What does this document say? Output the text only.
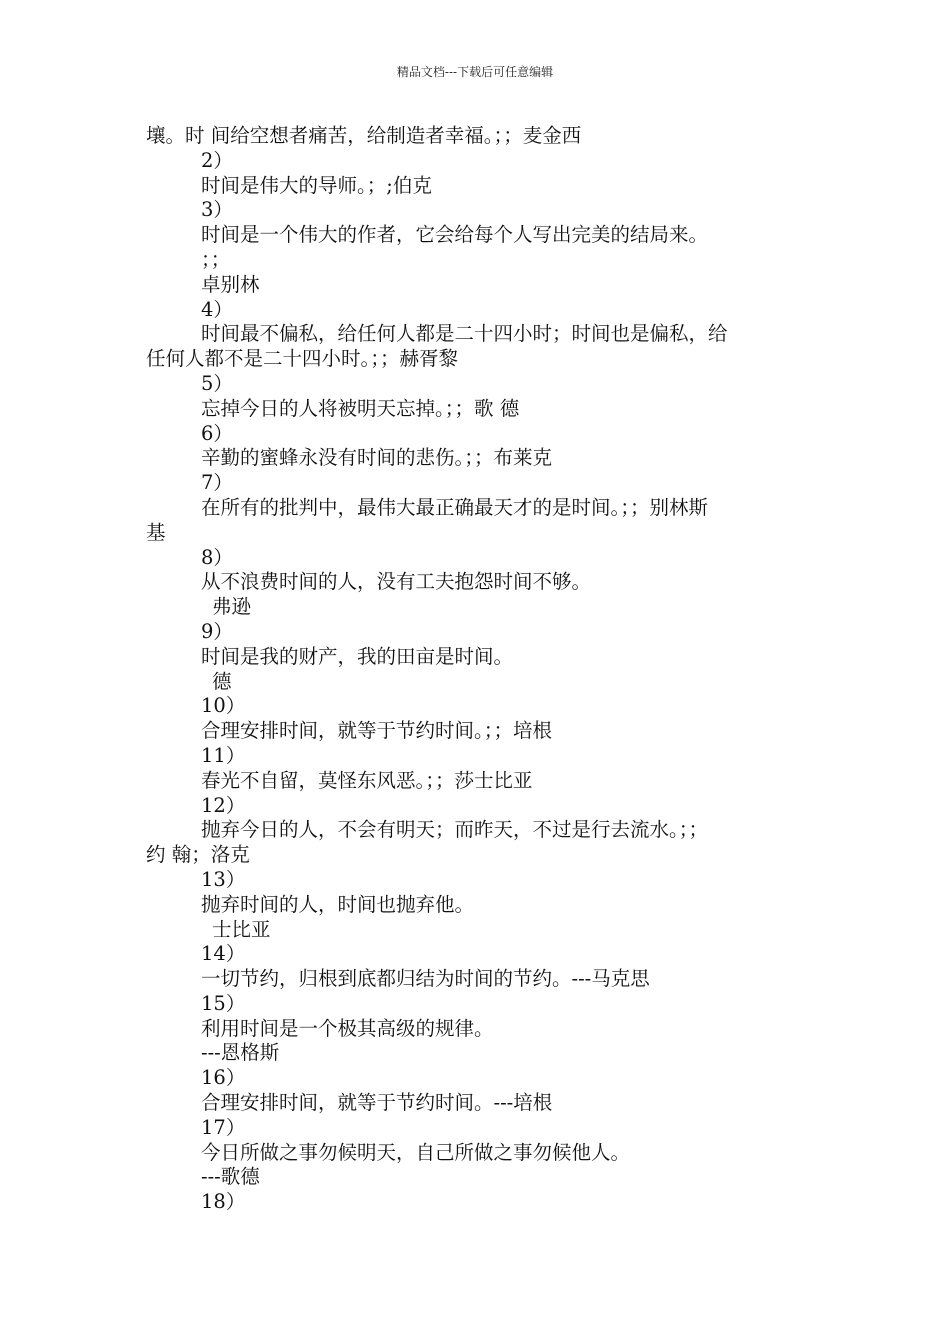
精品文档---下载后可任意编辑
壤。时 间给空想者痛苦，给制造者幸福。；；麦金西
2）
时间是伟大的导师。；;伯克
3）
时间是一个伟大的作者，它会给每个人写出完美的结局来。
；；
卓别林
4）
时间最不偏私，给任何人都是二十四小时；时间也是偏私，给
任何人都不是二十四小时。；；赫胥黎
5）
忘掉今日的人将被明天忘掉。；；歌 德
6）
辛勤的蜜蜂永没有时间的悲伤。；；布莱克
7）
在所有的批判中，最伟大最正确最天才的是时间。；；别林斯
基
8）
从不浪费时间的人，没有工夫抱怨时间不够。
弗逊
9）
时间是我的财产，我的田亩是时间。
德
10）
合理安排时间，就等于节约时间。；；培根
11）
春光不自留，莫怪东风恶。；；莎士比亚
12）
抛弃今日的人，不会有明天；而昨天，不过是行去流水。；；
约 翰；洛克
13）
抛弃时间的人，时间也抛弃他。
士比亚
14）
一切节约，归根到底都归结为时间的节约。---马克思
15）
利用时间是一个极其高级的规律。
---恩格斯
16）
合理安排时间，就等于节约时间。---培根
17）
今日所做之事勿候明天，自己所做之事勿候他人。
---歌德
18）
